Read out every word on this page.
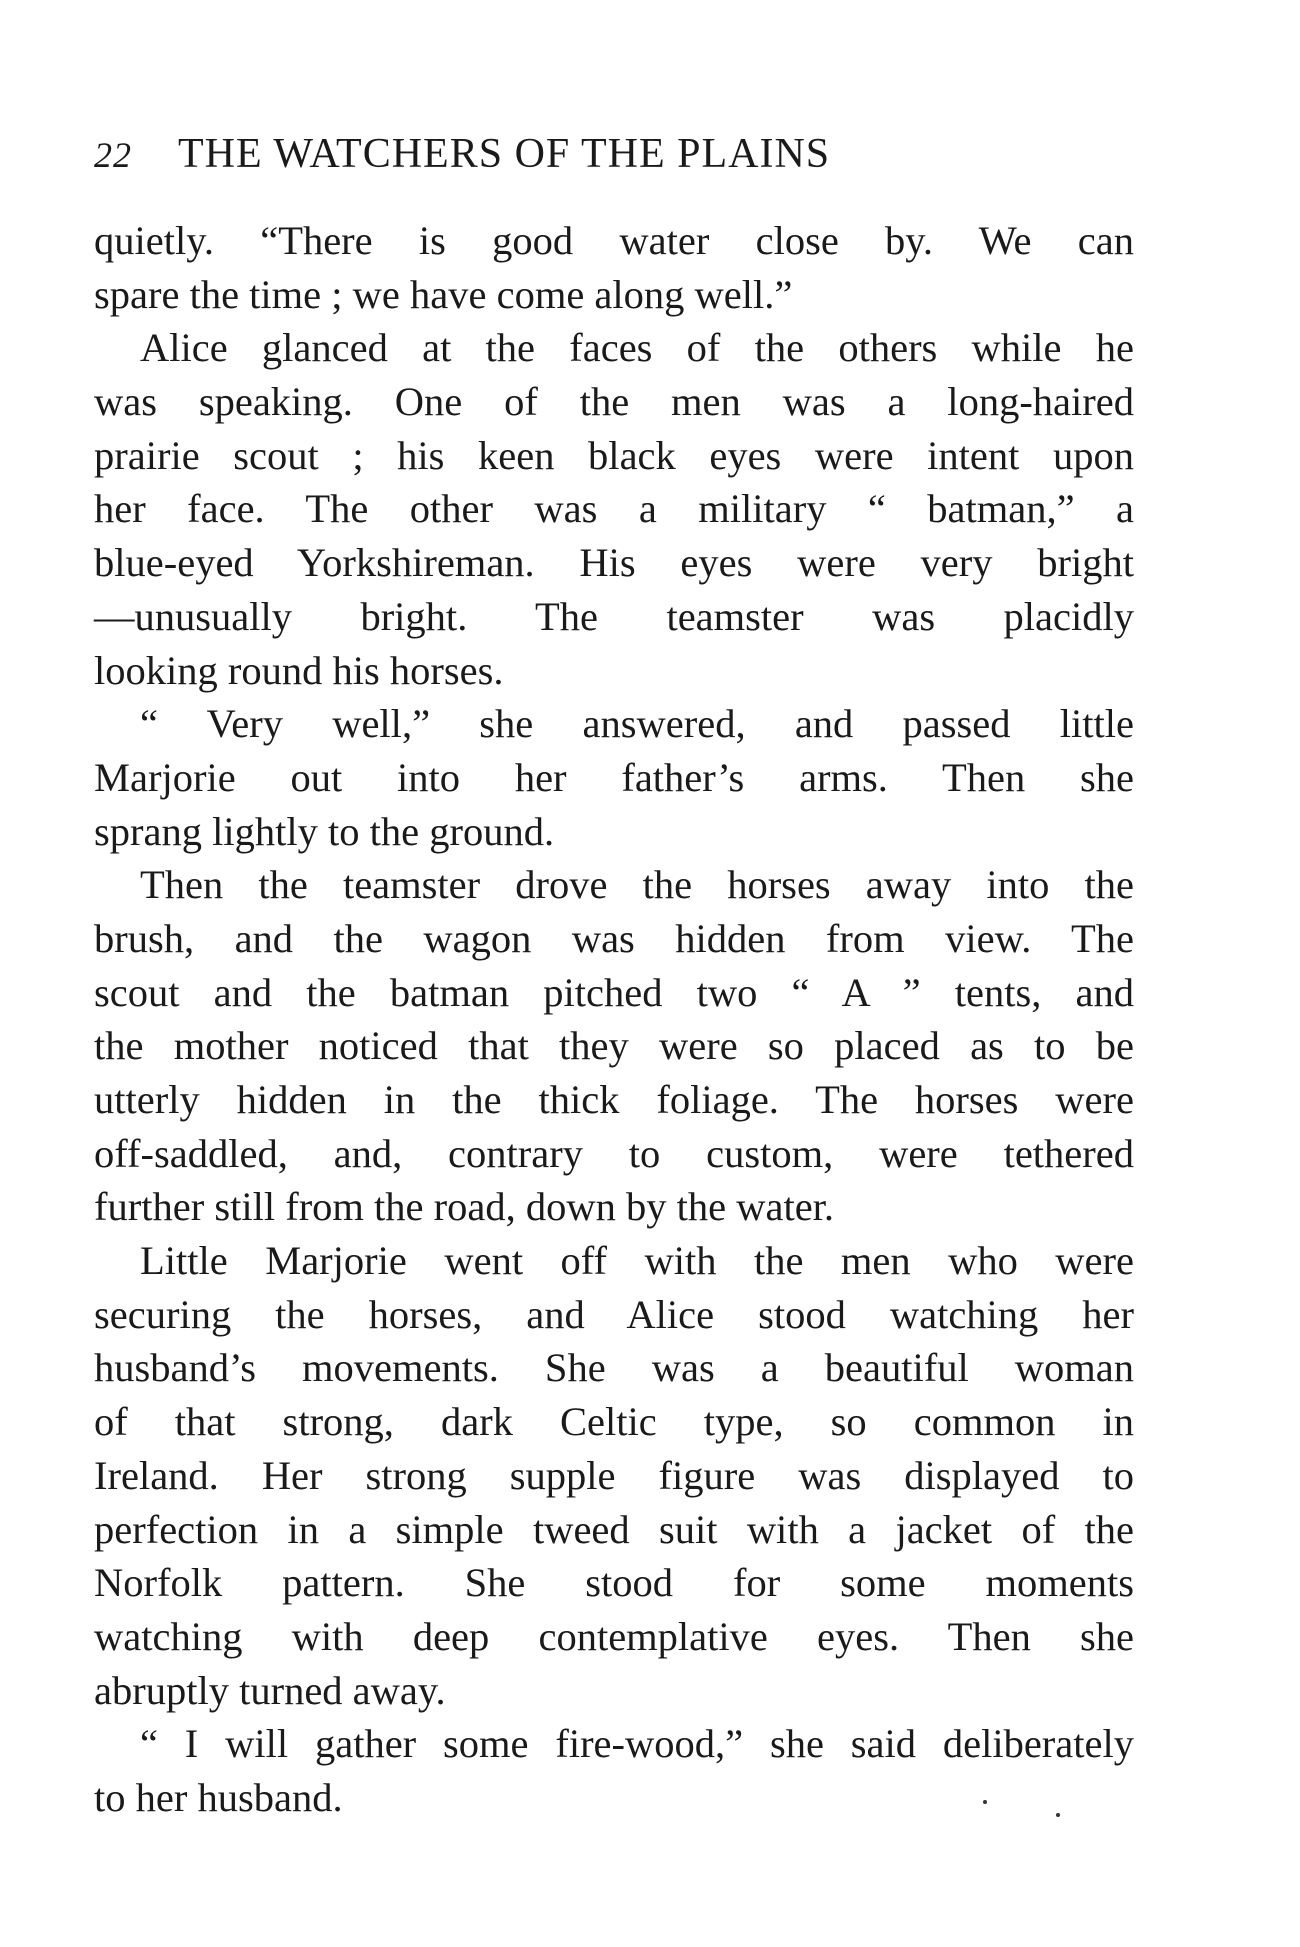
22 THE WATCHERS OF THE PLAINS
quietly. “There is good water close by. We can
spare the time ; we have come along well.”
Alice glanced at the faces of the others while he
was speaking. One of the men was a long-haired
prairie scout ; his keen black eyes were intent upon
her face. The other was a military “ batman,” a
blue-eyed Yorkshireman. His eyes were very bright
—unusually bright. The teamster was placidly
looking round his horses.
“ Very well,” she answered, and passed little
Marjorie out into her father’s arms. Then she
sprang lightly to the ground.
Then the teamster drove the horses away into the
brush, and the wagon was hidden from view. The
scout and the batman pitched two “ A ” tents, and
the mother noticed that they were so placed as to be
utterly hidden in the thick foliage. The horses were
off-saddled, and, contrary to custom, were tethered
further still from the road, down by the water.
Little Marjorie went off with the men who were
securing the horses, and Alice stood watching her
husband’s movements. She was a beautiful woman
of that strong, dark Celtic type, so common in
Ireland. Her strong supple figure was displayed to
perfection in a simple tweed suit with a jacket of the
Norfolk pattern. She stood for some moments
watching with deep contemplative eyes. Then she
abruptly turned away.
“ I will gather some fire-wood,” she said deliberately
to her husband.
